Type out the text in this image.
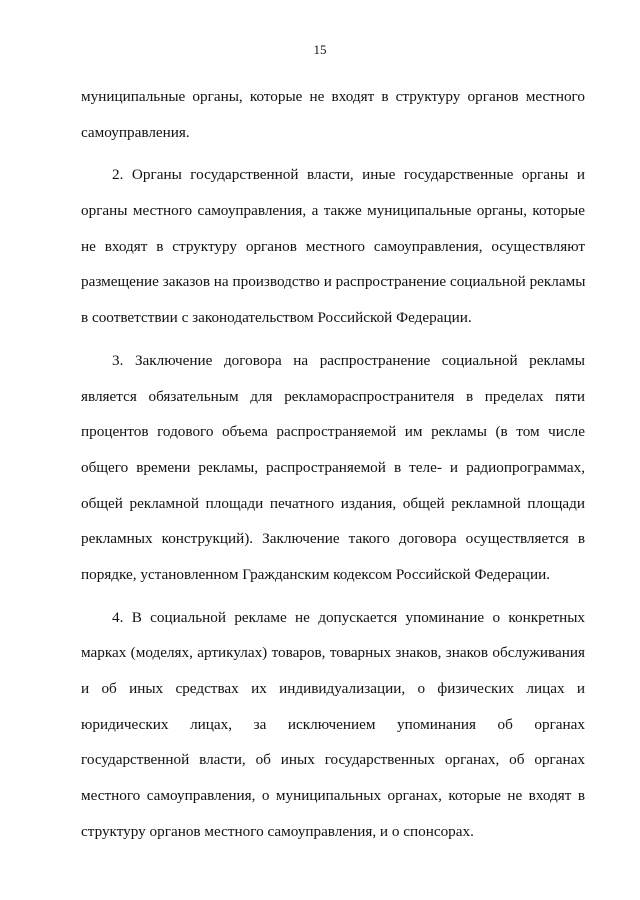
15
муниципальные органы, которые не входят в структуру органов местного
самоуправления.
2. Органы государственной власти, иные государственные органы и
органы местного самоуправления, а также муниципальные органы, которые
не входят в структуру органов местного самоуправления, осуществляют
размещение заказов на производство и распространение социальной рекламы
в соответствии с законодательством Российской Федерации.
3. Заключение договора на распространение социальной рекламы
является обязательным для рекламораспространителя в пределах пяти
процентов годового объема распространяемой им рекламы (в том числе
общего времени рекламы, распространяемой в теле- и радиопрограммах,
общей рекламной площади печатного издания, общей рекламной площади
рекламных конструкций). Заключение такого договора осуществляется в
порядке, установленном Гражданским кодексом Российской Федерации.
4. В социальной рекламе не допускается упоминание о конкретных
марках (моделях, артикулах) товаров, товарных знаков, знаков обслуживания
и об иных средствах их индивидуализации, о физических лицах и
юридических лицах, за исключением упоминания об органах
государственной власти, об иных государственных органах, об органах
местного самоуправления, о муниципальных органах, которые не входят в
структуру органов местного самоуправления, и о спонсорах.
